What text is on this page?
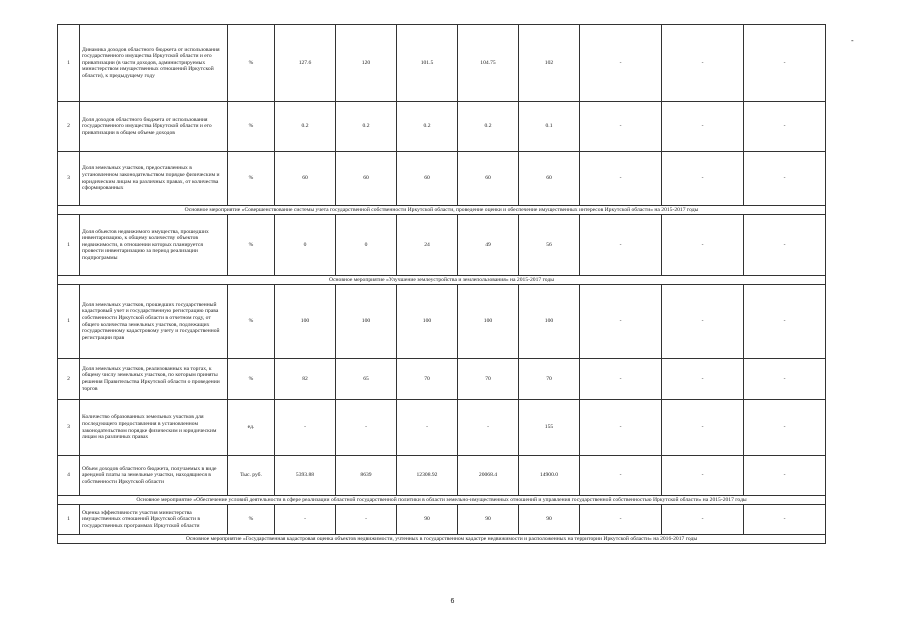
-
1	Динамика доходов областного бюджета от использования государственного имущества Иркутской области и его приватизации (в части доходов, администрируемых министерством имущественных отношений Иркутской области), к предыдущему году	%	127.6	120	101.5	104.75	102	-	-	-
2	Доля доходов областного бюджета от использования государственного имущества Иркутской области и его приватизации в общем объеме доходов	%	0.2	0.2	0.2	0.2	0.1	-	-	-
3	Доля земельных участков, предоставленных в установленном законодательством порядке физическим и юридическим лицам на различных правах, от количества сформированных	%	60	60	60	60	60	-	-	-
Основное мероприятие «Совершенствование системы учета государственной собственности Иркутской области, проведение оценки и обеспечение имущественных интересов Иркутской области» на 2015-2017 годы										
1	Доля объектов недвижимого имущества, прошедших инвентаризацию, к общему количеству объектов недвижимости, в отношении которых планируется провести инвентаризацию за период реализации подпрограммы	%	0	0	24	49	56	-	-	-
Основное мероприятие «Улучшение землеустройства и землепользования» на 2015-2017 годы										
1	Доля земельных участков, прошедших государственный кадастровый учет и государственную регистрацию права собственности Иркутской области в отчетном году, от общего количества земельных участков, подлежащих государственному кадастровому учету и государственной регистрации прав	%	100	100	100	100	100	-	-	-
2	Доля земельных участков, реализованных на торгах, к общему числу земельных участков, по которым приняты решения Правительства Иркутской области о проведении торгов	%	82	65	70	70	70	-	-	-
3	Количество образованных земельных участков для последующего предоставления в установленном законодательством порядке физическим и юридическим лицам на различных правах	ед.	-	-	-	-	155	-	-	-
4	Объем доходов областного бюджета, получаемых в виде арендной платы за земельные участки, находящиеся в собственности Иркутской области	Тыс. руб.	5393.88	8639	12308.92	20068.4	14900.0	-	-	-
Основное мероприятие «Обеспечение условий деятельности в сфере реализации областной государственной политики в области земельно-имущественных отношений и управления государственной собственностью Иркутской области» на 2015-2017 годы										
1	Оценка эффективности участия министерства имущественных отношений Иркутской области в государственных программах Иркутской области	%	-	-	90	90	90	-	-	-
Основное мероприятие «Государственная кадастровая оценка объектов недвижимости, учтенных в государственном кадастре недвижимости и расположенных на территории Иркутской области» на 2016-2017 годы										
6
